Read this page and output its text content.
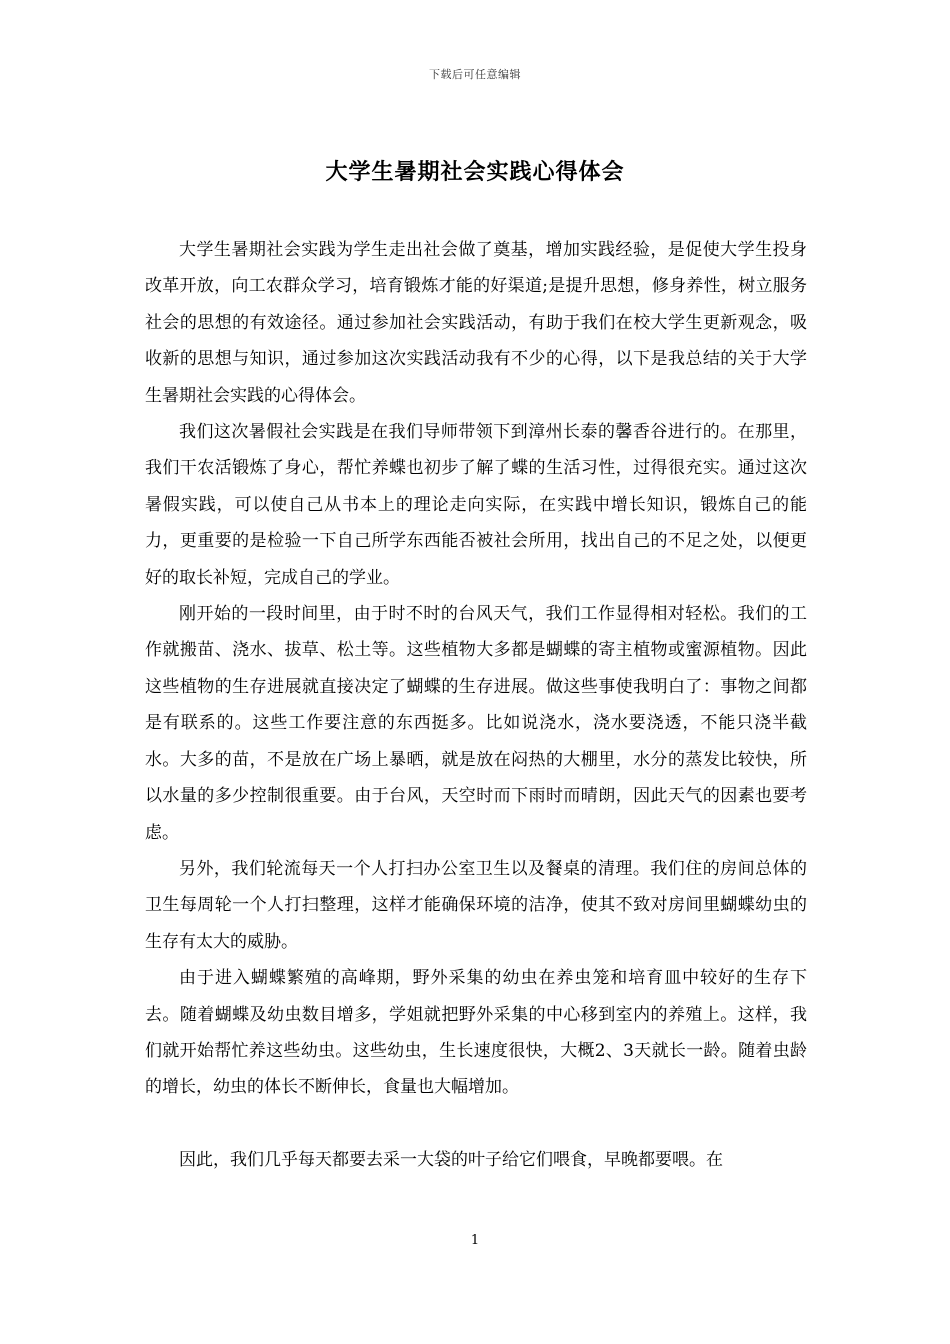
下载后可任意编辑
大学生暑期社会实践心得体会

大学生暑期社会实践为学生走出社会做了奠基，增加实践经验，是促使大学生投身改革开放，向工农群众学习，培育锻炼才能的好渠道;是提升思想，修身养性，树立服务社会的思想的有效途径。通过参加社会实践活动，有助于我们在校大学生更新观念，吸收新的思想与知识，通过参加这次实践活动我有不少的心得，以下是我总结的关于大学生暑期社会实践的心得体会。

我们这次暑假社会实践是在我们导师带领下到漳州长泰的馨香谷进行的。在那里，我们干农活锻炼了身心，帮忙养蝶也初步了解了蝶的生活习性，过得很充实。通过这次暑假实践，可以使自己从书本上的理论走向实际，在实践中增长知识，锻炼自己的能力，更重要的是检验一下自己所学东西能否被社会所用，找出自己的不足之处，以便更好的取长补短，完成自己的学业。

刚开始的一段时间里，由于时不时的台风天气，我们工作显得相对轻松。我们的工作就搬苗、浇水、拔草、松土等。这些植物大多都是蝴蝶的寄主植物或蜜源植物。因此这些植物的生存进展就直接决定了蝴蝶的生存进展。做这些事使我明白了：事物之间都是有联系的。这些工作要注意的东西挺多。比如说浇水，浇水要浇透，不能只浇半截水。大多的苗，不是放在广场上暴晒，就是放在闷热的大棚里，水分的蒸发比较快，所以水量的多少控制很重要。由于台风，天空时而下雨时而晴朗，因此天气的因素也要考虑。

另外，我们轮流每天一个人打扫办公室卫生以及餐桌的清理。我们住的房间总体的卫生每周轮一个人打扫整理，这样才能确保环境的洁净，使其不致对房间里蝴蝶幼虫的生存有太大的威胁。

由于进入蝴蝶繁殖的高峰期，野外采集的幼虫在养虫笼和培育皿中较好的生存下去。随着蝴蝶及幼虫数目增多，学姐就把野外采集的中心移到室内的养殖上。这样，我们就开始帮忙养这些幼虫。这些幼虫，生长速度很快，大概2、3天就长一龄。随着虫龄的增长，幼虫的体长不断伸长，食量也大幅增加。

因此，我们几乎每天都要去采一大袋的叶子给它们喂食，早晚都要喂。在

1
